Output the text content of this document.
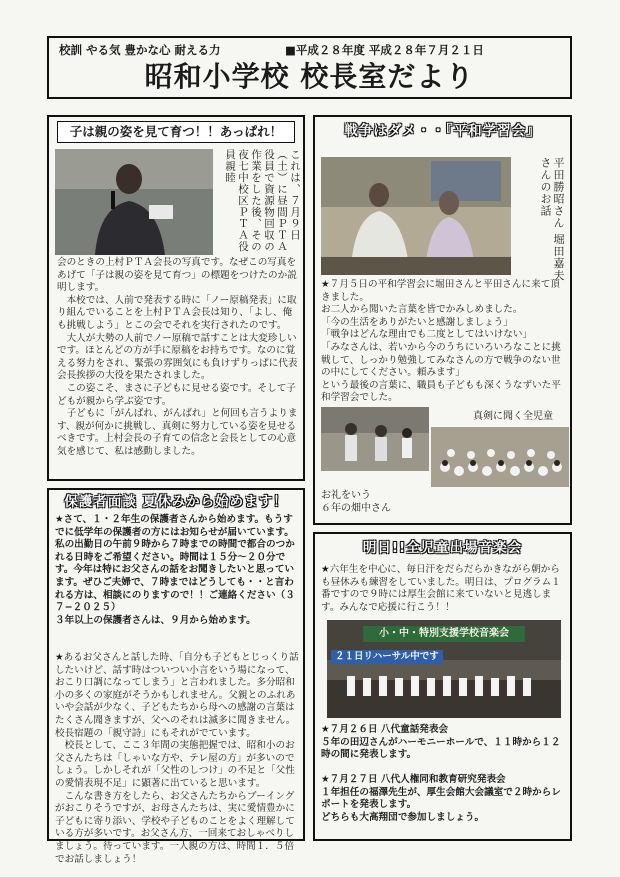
校訓 やる気 豊かな心 耐える力	■平成２８年度 平成２８年７月２１日
昭和小学校 校長室だより
子は親の姿を見て育つ！！あっぱれ！
これは、７月９日（土）に昼間ＰＴＡ役員で資源物回収の作業をした後、その夜七中校区ＰＴＡ役員親睦
会のときの上村ＰＴＡ会長の写真です。なぜこの写真をあげて「子は親の姿を見て育つ」の標題をつけたのか説明します。
　本校では、人前で発表する時に「ノー原稿発表」に取り組んでいることを上村ＰＴＡ会長は知り、「よし、俺も挑戦しよう」とこの会でそれを実行されたのです。
　大人が大勢の人前でノー原稿で話すことは大変珍しいです。ほとんどの方が手に原稿をお持ちです。なのに覚える努力をされ、緊張の雰囲気にも負けずりっぱに代表会長挨拶の大役を果たされました。
　この姿こそ、まさに子どもに見せる姿です。そして子どもが親から学ぶ姿です。
　子どもに「がんばれ、がんばれ」と何回も言うよります、親が何かに挑戦し、真剣に努力している姿を見せるべきです。上村会長の子育ての信念と会長としての心意気を感じて、私は感動しました。
保護者面談 夏休みから始めます！
★さて、１・２年生の保護者さんから始めます。もうすでに低学年の保護者の方にはお知らせが届いています。私の出勤日の午前９時から７時までの時間で都合のつかれる日時をご希望ください。時間は１５分〜２０分です。今年は特にお父さんの話をお聞きしたいと思っています。ぜひご夫婦で、７時まではどうしても・・と言われる方は、相談にのりますので！！ご連絡ください（３７−２０２５）
３年以上の保護者さんは、９月から始めます。
★あるお父さんと話した時、「自分も子どもとじっくり話したいけど、話す時はついつい小言をいう場になって、おこり口調になってしまう」と言われました。多分昭和小の多くの家庭がそうかもしれません。父親とのふれあいや会話が少なく、子どもたちから母への感謝の言葉はたくさん聞きますが、父へのそれは滅多に聞きません。校長宿題の「親守詩」にもそれがでています。
　校長として、ここ３年間の実態把握では、昭和小のお父さんたちは「しゃいな方や、テレ屋の方」が多いのでしょう。しかしそれが「父性のしつけ」の不足と「父性の愛情表現不足」に顕著に出ていると思います。
　こんな書き方をしたら、お父さんたちからブーイングがおこりそうですが、お母さんたちは、実に愛情豊かに子どもに寄り添い、学校や子どものことをよく理解している方が多いです。お父さん方、一回来ておしゃべりしましょう。待っています。一人親の方は、時間１．５倍でお話しましょう！
戦争はダメ・・『平和学習会』
平田勝昭さん 堀田嘉夫さんのお話
★７月５日の平和学習会に堀田さんと平田さんに来て頂きました。
お二人から聞いた言葉を皆でかみしめました。
「今の生活をありがたいと感謝しましょう」
「戦争はどんな理由でも二度としてはいけない」
「みなさんは、若いから今のうちにいろいろなことに挑戦して、しっかり勉強してみなさんの方で戦争のない世の中にしてください。頼みます」
という最後の言葉に、職員も子どもも深くうなずいた平和学習会でした。
真剣に聞く全児童
お礼をいう
６年の畑中さん
明日!!全児童出場音楽会
★六年生を中心に、毎日汗をだらだらかきながら朝からも昼休みも練習をしていました。明日は、プログラム１番ですので９時には厚生会館に来ていないと見逃します。みんなで応援に行こう！！
小・中・特別支援学校音楽会
２１日リハーサル中です
★７月２６日 八代童話発表会
５年の田辺さんがハーモニーホールで、１１時から１２時の間に発表します。
★７月２７日 八代人権同和教育研究発表会
１年担任の福澤先生が、厚生会館大会議室で２時からレポートを発表します。
どちらも大高翔団で参加しましょう。
